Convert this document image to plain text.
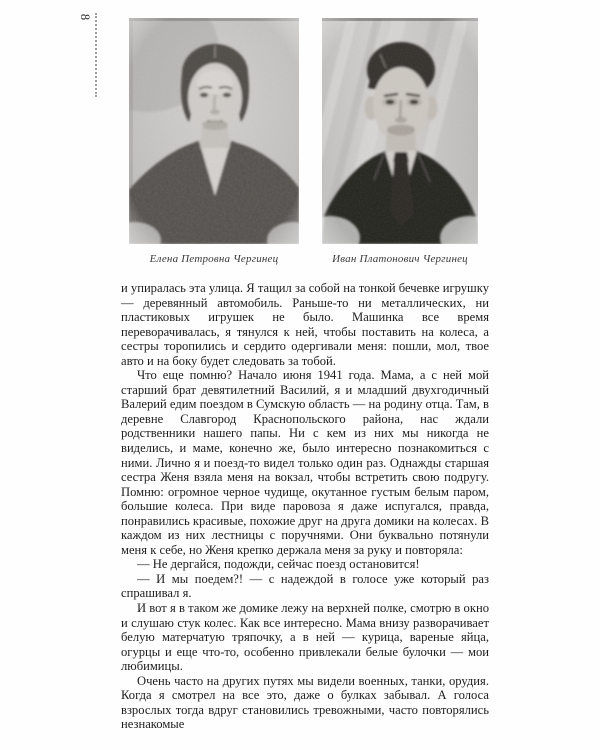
8
Елена Петровна Чергинец	Иван Платонович Чергинец

и упиралась эта улица. Я тащил за собой на тонкой бечевке игрушку — деревянный автомобиль. Раньше-то ни металлических, ни пластиковых игрушек не было. Машинка все время переворачивалась, я тянулся к ней, чтобы поставить на колеса, а сестры торопились и сердито одергивали меня: пошли, мол, твое авто и на боку будет следовать за тобой.

Что еще помню? Начало июня 1941 года. Мама, а с ней мой старший брат девятилетний Василий, я и младший двухгодичный Валерий едим поездом в Сумскую область — на родину отца. Там, в деревне Славгород Краснопольского района, нас ждали родственники нашего папы. Ни с кем из них мы никогда не виделись, и маме, конечно же, было интересно познакомиться с ними. Лично я и поезд-то видел только один раз. Однажды старшая сестра Женя взяла меня на вокзал, чтобы встретить свою подругу. Помню: огромное черное чудище, окутанное густым белым паром, большие колеса. При виде паровоза я даже испугался, правда, понравились красивые, похожие друг на друга домики на колесах. В каждом из них лестницы с поручнями. Они буквально потянули меня к себе, но Женя крепко держала меня за руку и повторяла:

— Не дергайся, подожди, сейчас поезд остановится!

— И мы поедем?! — с надеждой в голосе уже который раз спрашивал я.

И вот я в таком же домике лежу на верхней полке, смотрю в окно и слушаю стук колес. Как все интересно. Мама внизу разворачивает белую матерчатую тряпочку, а в ней — курица, вареные яйца, огурцы и еще что-то, особенно привлекали белые булочки — мои любимицы.

Очень часто на других путях мы видели военных, танки, орудия. Когда я смотрел на все это, даже о булках забывал. А голоса взрослых тогда вдруг становились тревожными, часто повторялись незнакомые
